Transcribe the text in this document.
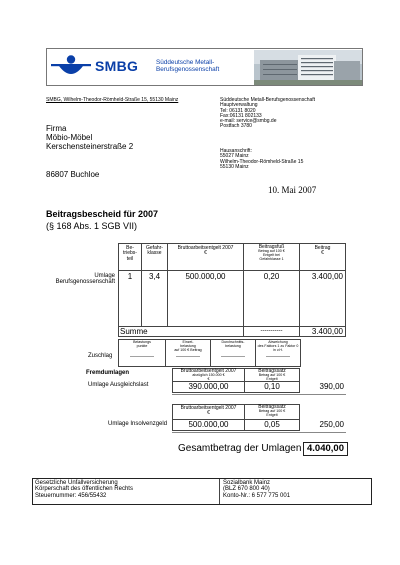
SMBG	Süddeutsche Metall-
Berufsgenossenschaft
SMBG, Wilhelm-Theodor-Römheld-Straße 15, 55130 Mainz
Firma
Möbio-Möbel
Kerschensteinerstraße 2
86807 Buchloe
Süddeutsche Metall-Berufsgenossenschaft
Hauptverwaltung
Tel: 06131 8020
Fax:06131 802133
e-mail: service@smbg.de
Postfach 3780
Hausanschrift:
55027 Mainz
Wilhelm-Theodor-Römheld-Straße 15
55130 Mainz
10. Mai 2007
Beitragsbescheid für 2007
(§ 168 Abs. 1 SGB VII)
Be-
triebs-
teil
Gefahr-
klasse
Bruttoarbeitsentgelt 2007
€
Beitragsfuß
Betrag auf 100 €
Entgelt bei
Gefahrklasse 1
Beitrag
€
1	3,4	500.000,00	0,20	3.400,00
Umlage
Berufsgenossenschaft
Summe	-----------	3.400,00
Belastungs
punkte
------------
Einzel-
belastung
auf 100 € Beitrag
------------
Durchschnitts-
belastung
------------
Abweichung
des Faktors 1 zu Faktor 0
in v.H.
------------
Zuschlag
Fremdumlagen	Bruttoarbeitsentgelt 2007
abzüglich 150.000 €
€
Beitragssatz
Betrag auf 100 €
Entgelt
390.000,00	0,10	390,00
Umlage Ausgleichslast
Bruttoarbeitsentgelt 2007
€
Beitragssatz
Betrag auf 100 €
Entgelt
500.000,00	0,05	250,00
Umlage Insolvenzgeld
Gesamtbetrag der Umlagen 4.040,00
Gesetzliche Unfallversicherung
Körperschaft des öffentlichen Rechts
Steuernummer: 456/55432
Sozialbank Mainz
(BLZ 670 800 40)
Konto-Nr.: 6 577 775 001
